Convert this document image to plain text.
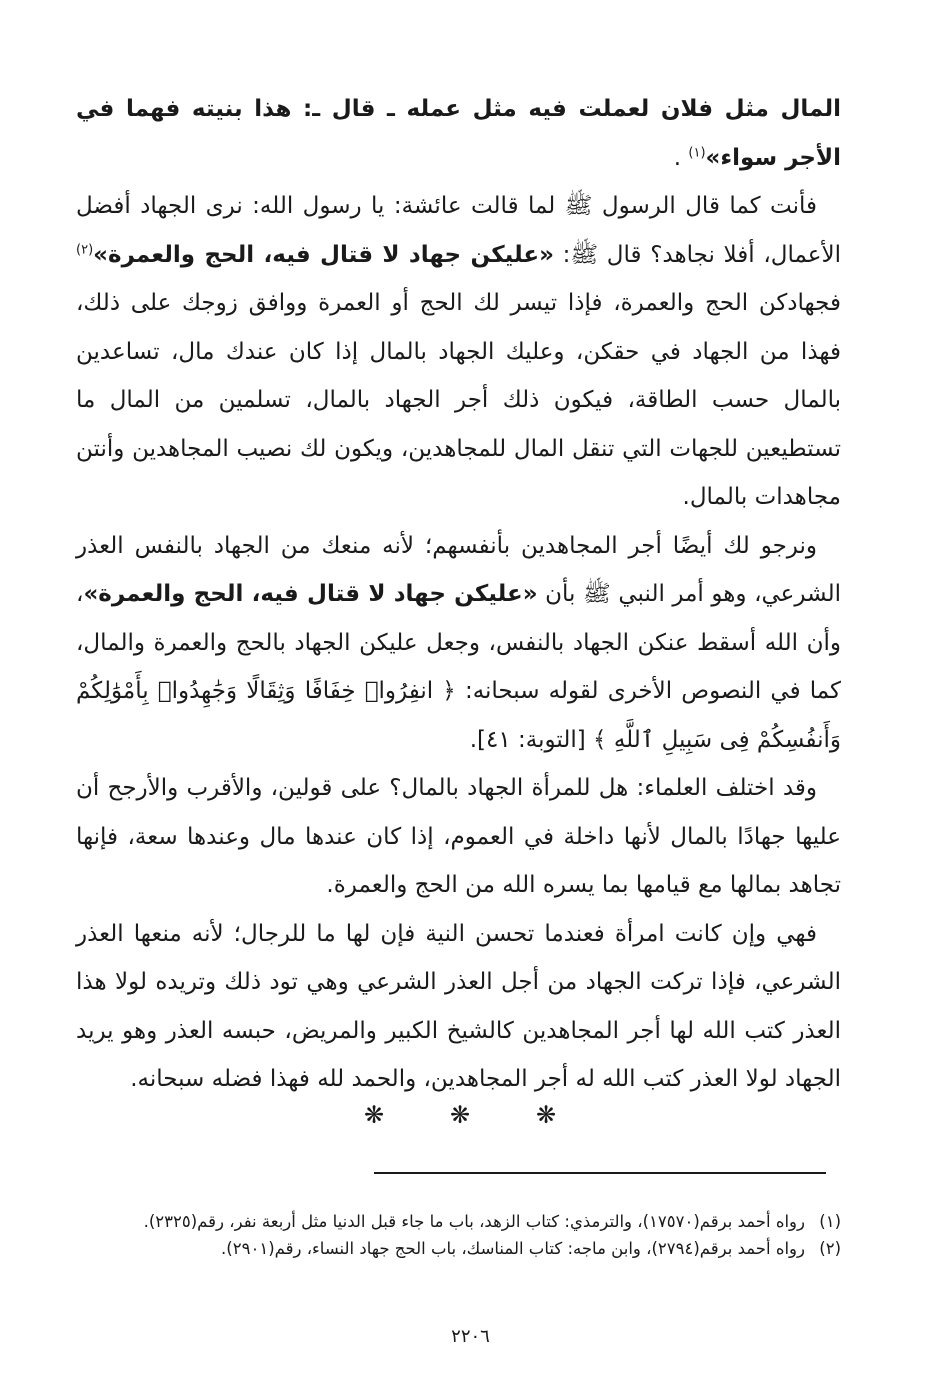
المال مثل فلان لعملت فيه مثل عمله ـ قال ـ: هذا بنيته فهما في الأجر سواء»$^{(١)}$ .

فأنت كما قال الرسول ﷺ لما قالت عائشة: يا رسول الله: نرى الجهاد أفضل الأعمال، أفلا نجاهد؟ قال ﷺ: «عليكن جهاد لا قتال فيه، الحج والعمرة»$^{(٢)}$ فجهادكن الحج والعمرة، فإذا تيسر لك الحج أو العمرة ووافق زوجك على ذلك، فهذا من الجهاد في حقكن، وعليك الجهاد بالمال إذا كان عندك مال، تساعدين بالمال حسب الطاقة، فيكون ذلك أجر الجهاد بالمال، تسلمين من المال ما تستطيعين للجهات التي تنقل المال للمجاهدين، ويكون لك نصيب المجاهدين وأنتن مجاهدات بالمال.

ونرجو لك أيضًا أجر المجاهدين بأنفسهم؛ لأنه منعك من الجهاد بالنفس العذر الشرعي، وهو أمر النبي ﷺ بأن «عليكن جهاد لا قتال فيه، الحج والعمرة»، وأن الله أسقط عنكن الجهاد بالنفس، وجعل عليكن الجهاد بالحج والعمرة والمال، كما في النصوص الأخرى لقوله سبحانه: ﴿ انفِرُوا۟ خِفَافًا وَثِقَالًا وَجَٰهِدُوا۟ بِأَمْوَٰلِكُمْ وَأَنفُسِكُمْ فِى سَبِيلِ ٱللَّهِ ﴾ [التوبة: ٤١].

وقد اختلف العلماء: هل للمرأة الجهاد بالمال؟ على قولين، والأقرب والأرجح أن عليها جهادًا بالمال لأنها داخلة في العموم، إذا كان عندها مال وعندها سعة، فإنها تجاهد بمالها مع قيامها بما يسره الله من الحج والعمرة.

فهي وإن كانت امرأة فعندما تحسن النية فإن لها ما للرجال؛ لأنه منعها العذر الشرعي، فإذا تركت الجهاد من أجل العذر الشرعي وهي تود ذلك وتريده لولا هذا العذر كتب الله لها أجر المجاهدين كالشيخ الكبير والمريض، حبسه العذر وهو يريد الجهاد لولا العذر كتب الله له أجر المجاهدين، والحمد لله فهذا فضله سبحانه.

❋	❋	❋
(١)
رواه أحمد برقم(١٧٥٧٠)، والترمذي: كتاب الزهد، باب ما جاء قبل الدنيا مثل أربعة نفر، رقم(٢٣٢٥).
(٢)
رواه أحمد برقم(٢٧٩٤)، وابن ماجه: كتاب المناسك، باب الحج جهاد النساء، رقم(٢٩٠١).
٢٢٠٦
